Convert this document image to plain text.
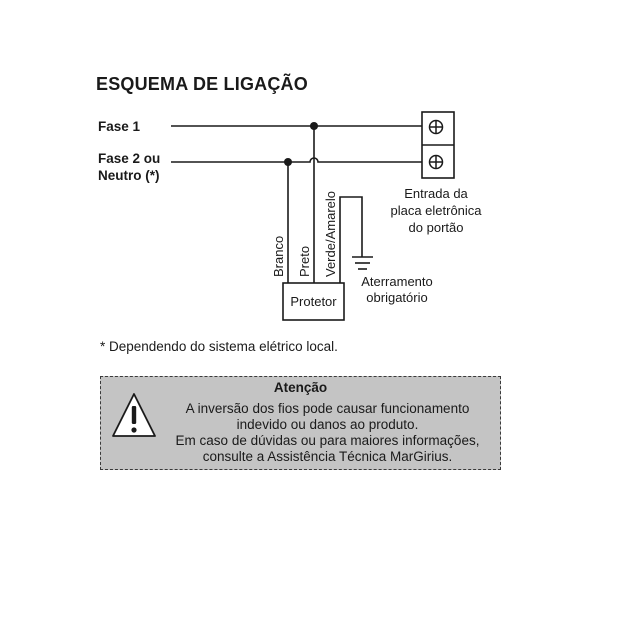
ESQUEMA DE LIGAÇÃO
Fase 1
Fase 2 ou
Neutro (*)
Branco Preto Verde/Amarelo
Protetor
Entrada da
placa eletrônica
do portão
Aterramento
obrigatório
* Dependendo do sistema elétrico local.
Atenção
A inversão dos fios pode causar funcionamento
indevido ou danos ao produto.
Em caso de dúvidas ou para maiores informações,
consulte a Assistência Técnica MarGirius.
